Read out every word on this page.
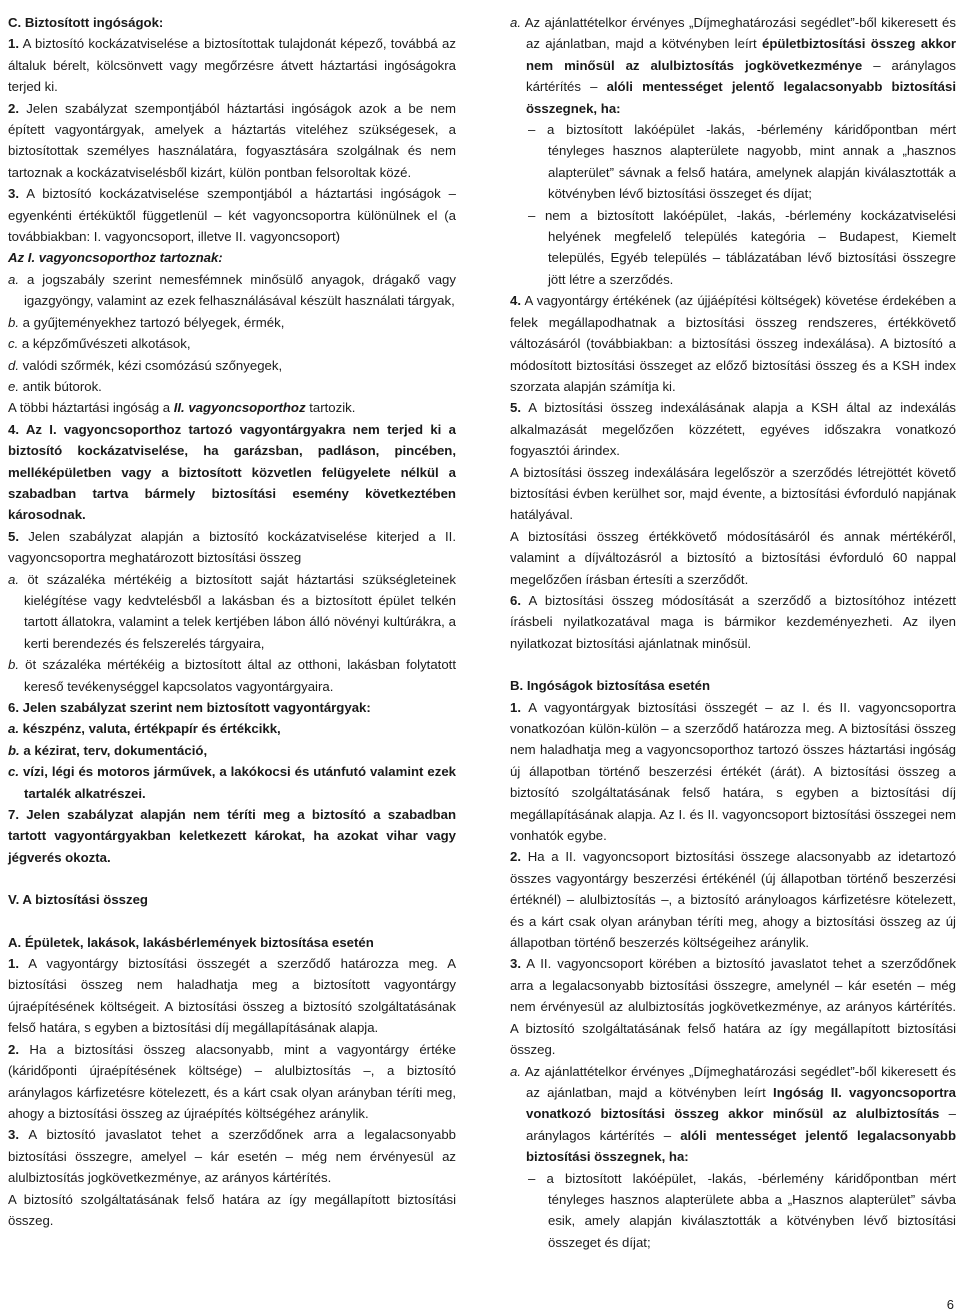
C. Biztosított ingóságok:
1. A biztosító kockázatviselése a biztosítottak tulajdonát képező, továbbá az általuk bérelt, kölcsönvett vagy megőrzésre átvett háztartási ingóságokra terjed ki.
2. Jelen szabályzat szempontjából háztartási ingóságok azok a be nem épített vagyontárgyak, amelyek a háztartás viteléhez szükségesek, a biztosítottak személyes használatára, fogyasztására szolgálnak és nem tartoznak a kockázatviselésből kizárt, külön pontban felsoroltak közé.
3. A biztosító kockázatviselése szempontjából a háztartási ingóságok – egyenkénti értéküktől függetlenül – két vagyoncsoportra különülnek el (a továbbiakban: I. vagyoncsoport, illetve II. vagyoncsoport)
Az I. vagyoncsoporthoz tartoznak:
a. a jogszabály szerint nemesfémnek minősülő anyagok, drágakő vagy igazgyöngy, valamint az ezek felhasználásával készült használati tárgyak,
b. a gyűjteményekhez tartozó bélyegek, érmék,
c. a képzőművészeti alkotások,
d. valódi szőrmék, kézi csomózású szőnyegek,
e. antik bútorok.
A többi háztartási ingóság a II. vagyoncsoporthoz tartozik.
4. Az I. vagyoncsoporthoz tartozó vagyontárgyakra nem terjed ki a biztosító kockázatviselése, ha garázsban, padláson, pincében, melléképületben vagy a biztosított közvetlen felügyelete nélkül a szabadban tartva bármely biztosítási esemény következtében károsodnak.
5. Jelen szabályzat alapján a biztosító kockázatviselése kiterjed a II. vagyoncsoportra meghatározott biztosítási összeg
a. öt százaléka mértékéig a biztosított saját háztartási szükségleteinek kielégítése vagy kedvtelésből a lakásban és a biztosított épület telkén tartott állatokra, valamint a telek kertjében lábon álló növényi kultúrákra, a kerti berendezés és felszerelés tárgyaira,
b. öt százaléka mértékéig a biztosított által az otthoni, lakásban folytatott kereső tevékenységgel kapcsolatos vagyontárgyaira.
6. Jelen szabályzat szerint nem biztosított vagyontárgyak:
a. készpénz, valuta, értékpapír és értékcikk,
b. a kézirat, terv, dokumentáció,
c. vízi, légi és motoros járművek, a lakókocsi és utánfutó valamint ezek tartalék alkatrészei.
7. Jelen szabályzat alapján nem téríti meg a biztosító a szabadban tartott vagyontárgyakban keletkezett károkat, ha azokat vihar vagy jégverés okozta.
V. A biztosítási összeg
A. Épületek, lakások, lakásbérlemények biztosítása esetén
1. A vagyontárgy biztosítási összegét a szerződő határozza meg. A biztosítási összeg nem haladhatja meg a biztosított vagyontárgy újraépítésének költségeit. A biztosítási összeg a biztosító szolgáltatásának felső határa, s egyben a biztosítási díj megállapításának alapja.
2. Ha a biztosítási összeg alacsonyabb, mint a vagyontárgy értéke (káridőponti újraépítésének költsége) – alulbiztosítás –, a biztosító aránylagos kárfizetésre kötelezett, és a kárt csak olyan arányban téríti meg, ahogy a biztosítási összeg az újraépítés költségéhez aránylik.
3. A biztosító javaslatot tehet a szerződőnek arra a legalacsonyabb biztosítási összegre, amelyel – kár esetén – még nem érvényesül az alulbiztosítás jogkövetkezménye, az arányos kártérítés.
A biztosító szolgáltatásának felső határa az így megállapított biztosítási összeg.
a. Az ajánlattételkor érvényes „Díjmeghatározási segédlet”-ből kikeresett és az ajánlatban, majd a kötvényben leírt épületbiztosítási összeg akkor nem minősül az alulbiztosítás jogkövetkezménye – aránylagos kártérítés – alóli mentességet jelentő legalacsonyabb biztosítási összegnek, ha:
– a biztosított lakóépület -lakás, -bérlemény káridőpontban mért tényleges hasznos alapterülete nagyobb, mint annak a „hasznos alapterület” sávnak a felső határa, amelynek alapján kiválasztották a kötvényben lévő biztosítási összeget és díjat;
– nem a biztosított lakóépület, -lakás, -bérlemény kockázatviselési helyének megfelelő település kategória – Budapest, Kiemelt település, Egyéb település – táblázatában lévő biztosítási összegre jött létre a szerződés.
4. A vagyontárgy értékének (az újjáépítési költségek) követése érdekében a felek megállapodhatnak a biztosítási összeg rendszeres, értékkövető változásáról (továbbiakban: a biztosítási összeg indexálása). A biztosító a módosított biztosítási összeget az előző biztosítási összeg és a KSH index szorzata alapján számítja ki.
5. A biztosítási összeg indexálásának alapja a KSH által az indexálás alkalmazását megelőzően közzétett, egyéves időszakra vonatkozó fogyasztói árindex.
A biztosítási összeg indexálására legelőször a szerződés létrejöttét követő biztosítási évben kerülhet sor, majd évente, a biztosítási évforduló napjának hatályával.
A biztosítási összeg értékkövető módosításáról és annak mértékéről, valamint a díjváltozásról a biztosító a biztosítási évforduló 60 nappal megelőzően írásban értesíti a szerződőt.
6. A biztosítási összeg módosítását a szerződő a biztosítóhoz intézett írásbeli nyilatkozatával maga is bármikor kezdeményezheti. Az ilyen nyilatkozat biztosítási ajánlatnak minősül.
B. Ingóságok biztosítása esetén
1. A vagyontárgyak biztosítási összegét – az I. és II. vagyoncsoportra vonatkozóan külön-külön – a szerződő határozza meg. A biztosítási összeg nem haladhatja meg a vagyoncsoporthoz tartozó összes háztartási ingóság új állapotban történő beszerzési értékét (árát). A biztosítási összeg a biztosító szolgáltatásának felső határa, s egyben a biztosítási díj megállapításának alapja. Az I. és II. vagyoncsoport biztosítási összegei nem vonhatók egybe.
2. Ha a II. vagyoncsoport biztosítási összege alacsonyabb az idetartozó összes vagyontárgy beszerzési értékénél (új állapotban történő beszerzési értéknél) – alulbiztosítás –, a biztosító arányloagos kárfizetésre kötelezett, és a kárt csak olyan arányban téríti meg, ahogy a biztosítási összeg az új állapotban történő beszerzés költségeihez aránylik.
3. A II. vagyoncsoport körében a biztosító javaslatot tehet a szerződőnek arra a legalacsonyabb biztosítási összegre, amelynél – kár esetén – még nem érvényesül az alulbiztosítás jogkövetkezménye, az arányos kártérítés. A biztosító szolgáltatásának felső határa az így megállapított biztosítási összeg.
a. Az ajánlattételkor érvényes „Díjmeghatározási segédlet”-ből kikeresett és az ajánlatban, majd a kötvényben leírt Ingóság II. vagyoncsoportra vonatkozó biztosítási összeg akkor minősül az alulbiztosítás – aránylagos kártérítés – alóli mentességet jelentő legalacsonyabb biztosítási összegnek, ha:
– a biztosított lakóépület, -lakás, -bérlemény káridőpontban mért tényleges hasznos alapterülete abba a „Hasznos alapterület” sávba esik, amely alapján kiválasztották a kötvényben lévő biztosítási összeget és díjat;
6
